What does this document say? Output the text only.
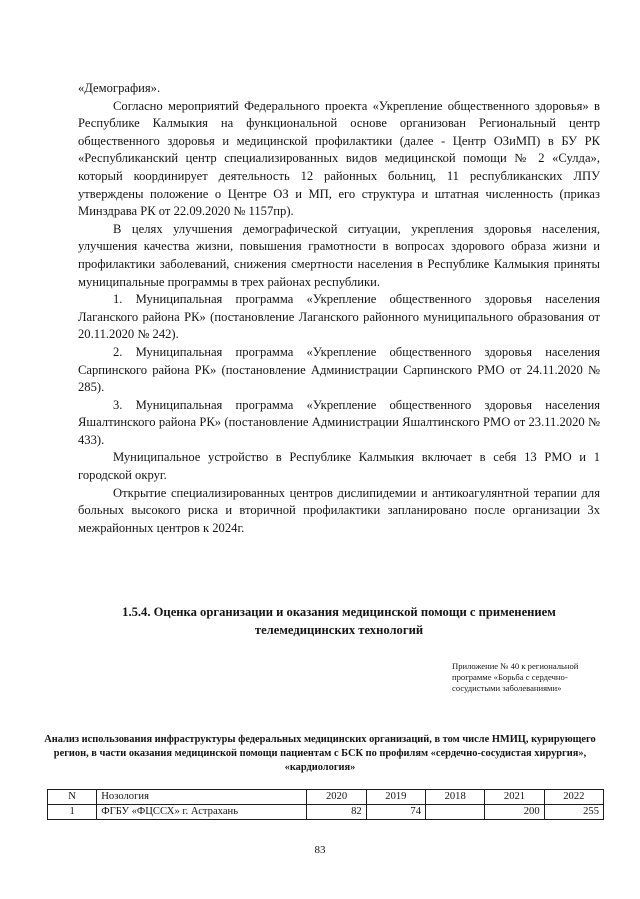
«Демография».

Согласно мероприятий Федерального проекта «Укрепление общественного здоровья» в Республике Калмыкия на функциональной основе организован Региональный центр общественного здоровья и медицинской профилактики (далее - Центр ОЗиМП) в БУ РК «Республиканский центр специализированных видов медицинской помощи № 2 «Сулда», который координирует деятельность 12 районных больниц, 11 республиканских ЛПУ утверждены положение о Центре ОЗ и МП, его структура и штатная численность (приказ Минздрава РК от 22.09.2020 № 1157пр).

В целях улучшения демографической ситуации, укрепления здоровья населения, улучшения качества жизни, повышения грамотности в вопросах здорового образа жизни и профилактики заболеваний, снижения смертности населения в Республике Калмыкия приняты муниципальные программы в трех районах республики.

1. Муниципальная программа «Укрепление общественного здоровья населения Лаганского района РК» (постановление Лаганского районного муниципального образования от 20.11.2020 № 242).

2. Муниципальная программа «Укрепление общественного здоровья населения Сарпинского района РК» (постановление Администрации Сарпинского РМО от 24.11.2020 № 285).

3. Муниципальная программа «Укрепление общественного здоровья населения Яшалтинского района РК» (постановление Администрации Яшалтинского РМО от 23.11.2020 № 433).

Муниципальное устройство в Республике Калмыкия включает в себя 13 РМО и 1 городской округ.

Открытие специализированных центров дислипидемии и антикоагулянтной терапии для больных высокого риска и вторичной профилактики запланировано после организации 3х межрайонных центров к 2024г.

1.5.4. Оценка организации и оказания медицинской помощи с применением телемедицинских технологий
Приложение № 40 к региональной программе «Борьба с сердечно-сосудистыми заболеваниями»
Анализ использования инфраструктуры федеральных медицинских организаций, в том числе НМИЦ, курирующего регион, в части оказания медицинской помощи пациентам с БСК по профилям «сердечно-сосудистая хирургия», «кардиология»
N	Нозология	2020	2019	2018	2021	2022
1	ФГБУ «ФЦССХ» г. Астрахань	82	74		200	255
83
